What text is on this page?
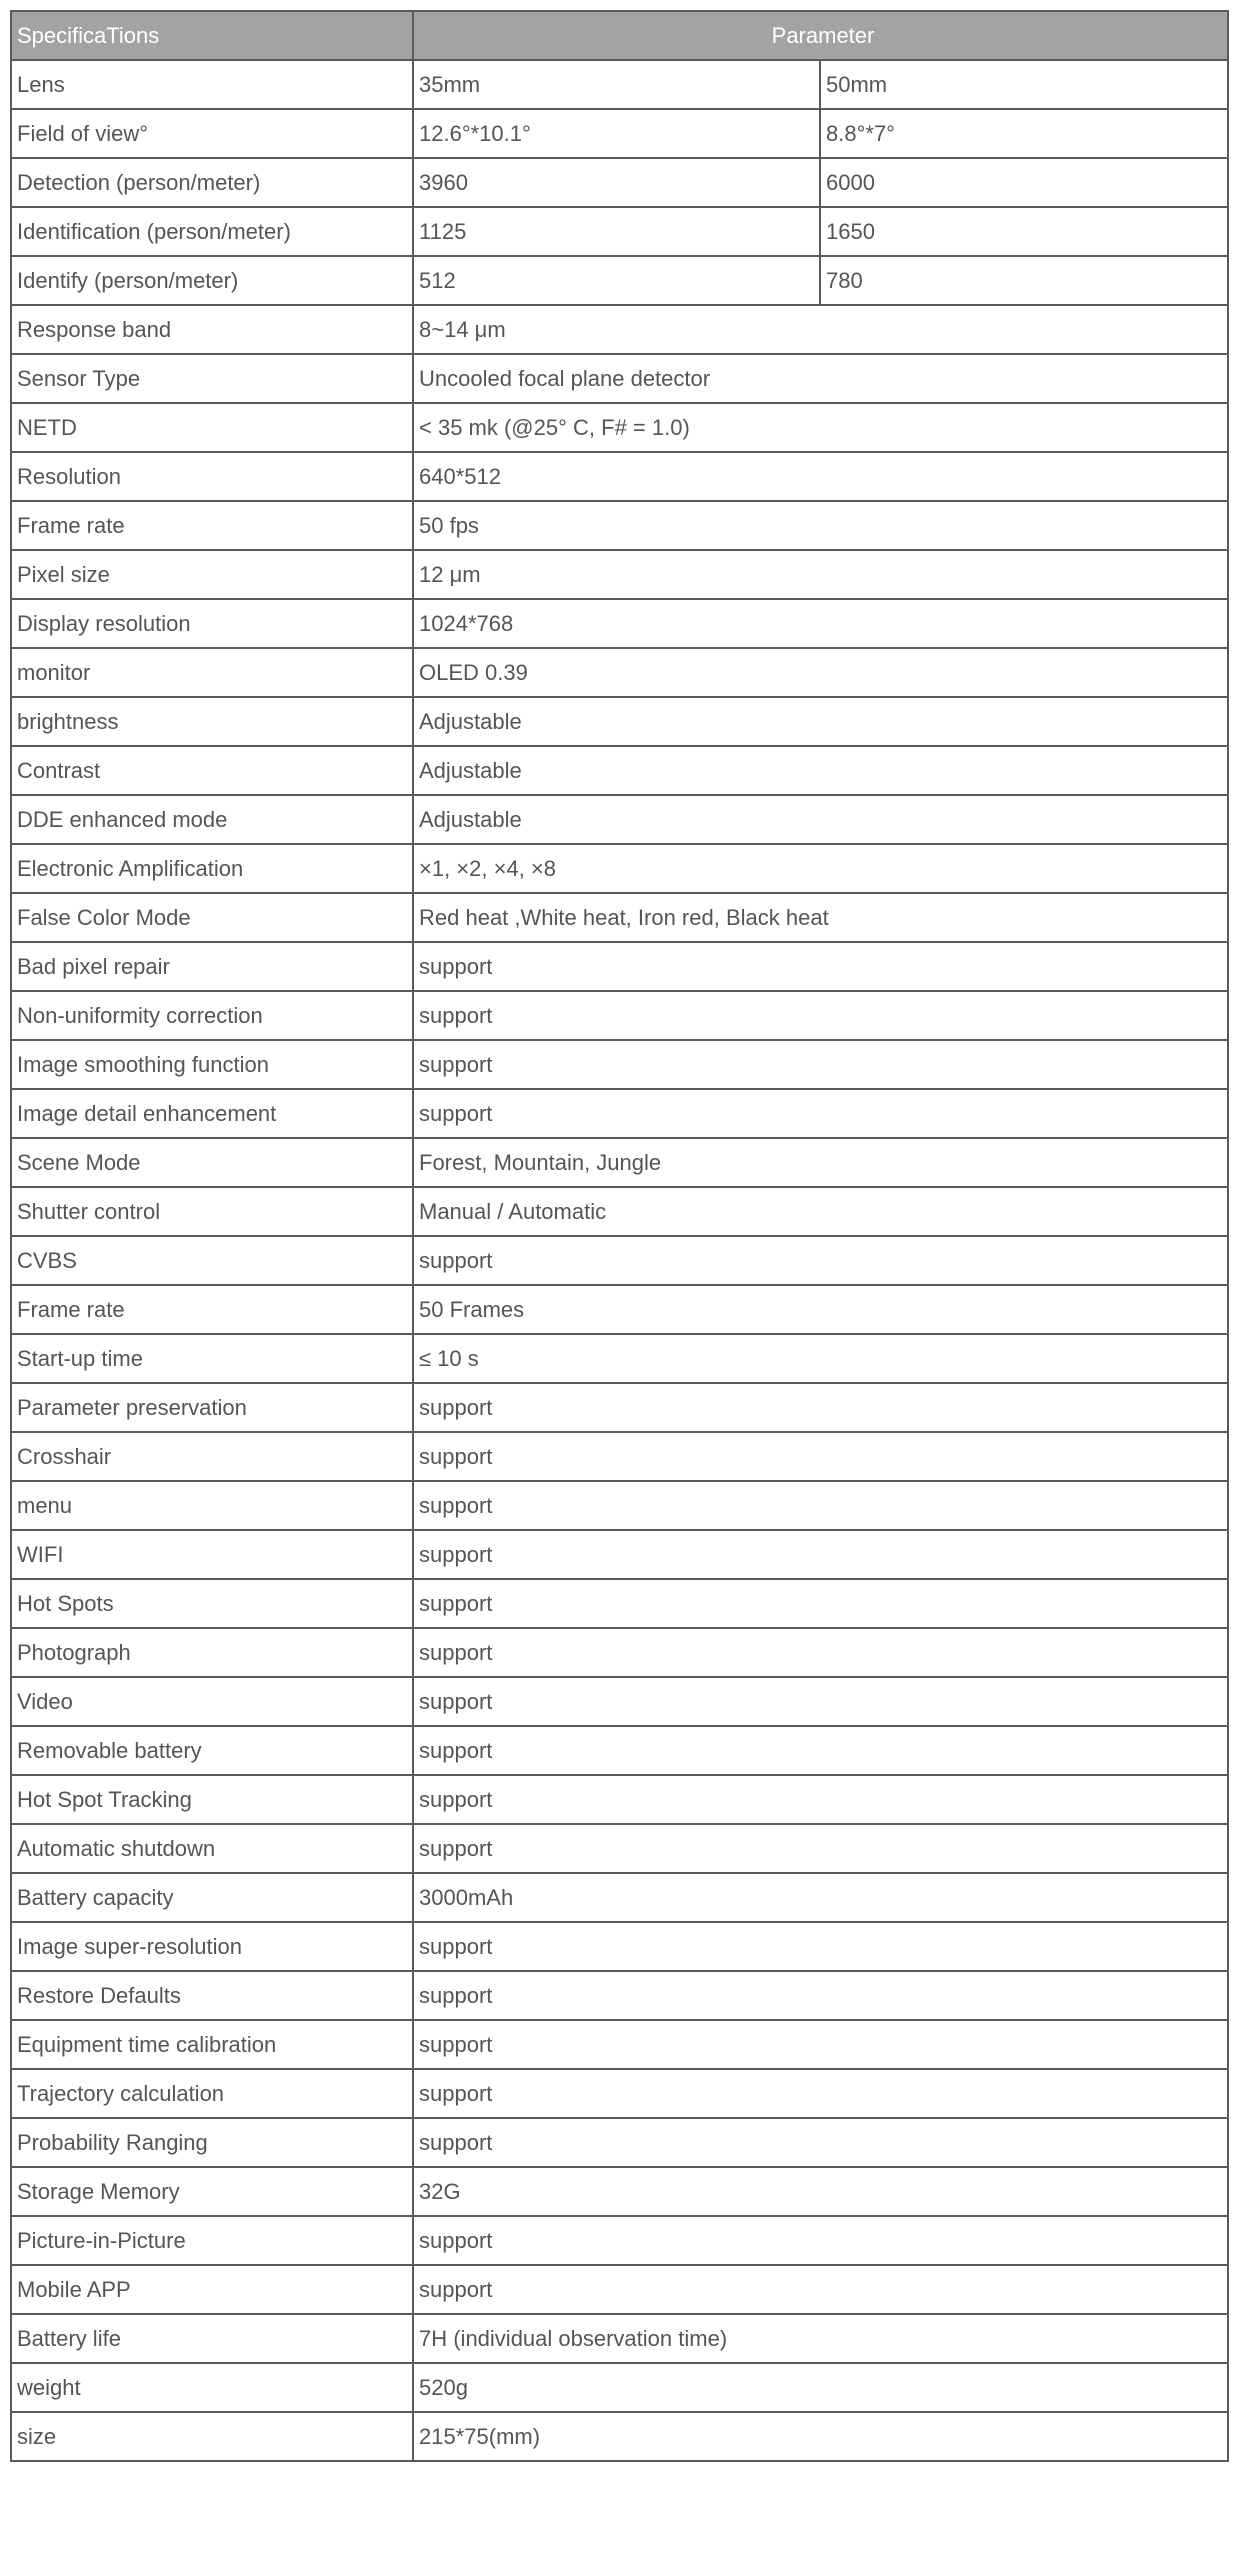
SpecificaTions	Parameter	
Lens	35mm	50mm
Field of view°	12.6°*10.1°	8.8°*7°
Detection (person/meter)	3960	6000
Identification (person/meter)	1125	1650
Identify (person/meter)	512	780
Response band	8~14 μm	
Sensor Type	Uncooled focal plane detector	
NETD	< 35 mk (@25° C, F# = 1.0)	
Resolution	640*512	
Frame rate	50 fps	
Pixel size	12 μm	
Display resolution	1024*768	
monitor	OLED 0.39	
brightness	Adjustable	
Contrast	Adjustable	
DDE enhanced mode	Adjustable	
Electronic Amplification	×1, ×2, ×4, ×8	
False Color Mode	Red heat ,White heat, Iron red, Black heat	
Bad pixel repair	support	
Non-uniformity correction	support	
Image smoothing function	support	
Image detail enhancement	support	
Scene Mode	Forest, Mountain, Jungle	
Shutter control	Manual / Automatic	
CVBS	support	
Frame rate	50 Frames	
Start-up time	≤ 10 s	
Parameter preservation	support	
Crosshair	support	
menu	support	
WIFI	support	
Hot Spots	support	
Photograph	support	
Video	support	
Removable battery	support	
Hot Spot Tracking	support	
Automatic shutdown	support	
Battery capacity	3000mAh	
Image super-resolution	support	
Restore Defaults	support	
Equipment time calibration	support	
Trajectory calculation	support	
Probability Ranging	support	
Storage Memory	32G	
Picture-in-Picture	support	
Mobile APP	support	
Battery life	7H (individual observation time)	
weight	520g	
size	215*75(mm)	
